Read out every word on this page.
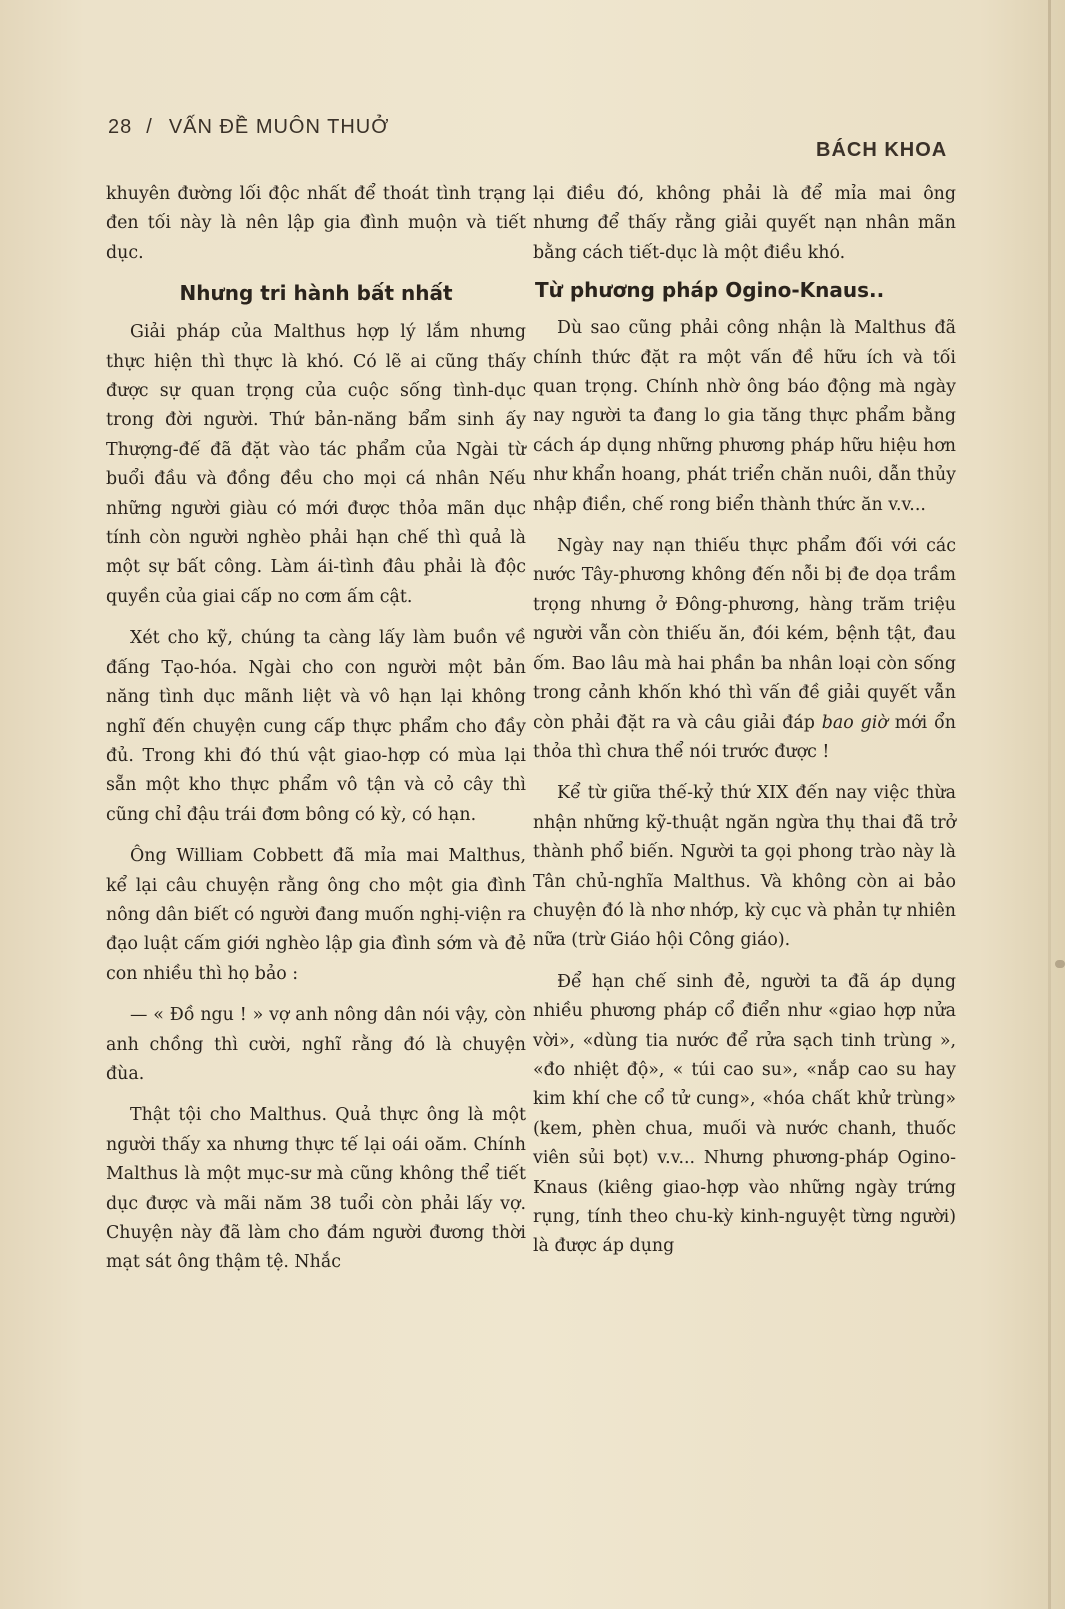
28 / VẤN ĐỀ MUÔN THUỞ
BÁCH KHOA

khuyên đường lối độc nhất để thoát tình trạng đen tối này là nên lập gia đình muộn và tiết dục.

Nhưng tri hành bất nhất

Giải pháp của Malthus hợp lý lắm nhưng thực hiện thì thực là khó. Có lẽ ai cũng thấy được sự quan trọng của cuộc sống tình-dục trong đời người. Thứ bản-năng bẩm sinh ấy Thượng-đế đã đặt vào tác phẩm của Ngài từ buổi đầu và đồng đều cho mọi cá nhân Nếu những người giàu có mới được thỏa mãn dục tính còn người nghèo phải hạn chế thì quả là một sự bất công. Làm ái-tình đâu phải là độc quyền của giai cấp no cơm ấm cật.

Xét cho kỹ, chúng ta càng lấy làm buồn về đấng Tạo-hóa. Ngài cho con người một bản năng tình dục mãnh liệt và vô hạn lại không nghĩ đến chuyện cung cấp thực phẩm cho đầy đủ. Trong khi đó thú vật giao-hợp có mùa lại sẵn một kho thực phẩm vô tận và cỏ cây thì cũng chỉ đậu trái đơm bông có kỳ, có hạn.

Ông William Cobbett đã mỉa mai Malthus, kể lại câu chuyện rằng ông cho một gia đình nông dân biết có người đang muốn nghị-viện ra đạo luật cấm giới nghèo lập gia đình sớm và đẻ con nhiều thì họ bảo :

— « Đồ ngu ! » vợ anh nông dân nói vậy, còn anh chồng thì cười, nghĩ rằng đó là chuyện đùa.

Thật tội cho Malthus. Quả thực ông là một người thấy xa nhưng thực tế lại oái oăm. Chính Malthus là một mục-sư mà cũng không thể tiết dục được và mãi năm 38 tuổi còn phải lấy vợ. Chuyện này đã làm cho đám người đương thời mạt sát ông thậm tệ. Nhắc

lại điều đó, không phải là để mỉa mai ông nhưng để thấy rằng giải quyết nạn nhân mãn bằng cách tiết-dục là một điều khó.

Từ phương pháp Ogino-Knaus..

Dù sao cũng phải công nhận là Malthus đã chính thức đặt ra một vấn đề hữu ích và tối quan trọng. Chính nhờ ông báo động mà ngày nay người ta đang lo gia tăng thực phẩm bằng cách áp dụng những phương pháp hữu hiệu hơn như khẩn hoang, phát triển chăn nuôi, dẫn thủy nhập điền, chế rong biển thành thức ăn v.v...

Ngày nay nạn thiếu thực phẩm đối với các nước Tây-phương không đến nỗi bị đe dọa trầm trọng nhưng ở Đông-phương, hàng trăm triệu người vẫn còn thiếu ăn, đói kém, bệnh tật, đau ốm. Bao lâu mà hai phần ba nhân loại còn sống trong cảnh khốn khó thì vấn đề giải quyết vẫn còn phải đặt ra và câu giải đáp bao giờ mới ổn thỏa thì chưa thể nói trước được !

Kể từ giữa thế-kỷ thứ XIX đến nay việc thừa nhận những kỹ-thuật ngăn ngừa thụ thai đã trở thành phổ biến. Người ta gọi phong trào này là Tân chủ-nghĩa Malthus. Và không còn ai bảo chuyện đó là nhơ nhớp, kỳ cục và phản tự nhiên nữa (trừ Giáo hội Công giáo).

Để hạn chế sinh đẻ, người ta đã áp dụng nhiều phương pháp cổ điển như «giao hợp nửa vời», «dùng tia nước để rửa sạch tinh trùng », «đo nhiệt độ», « túi cao su», «nắp cao su hay kim khí che cổ tử cung», «hóa chất khử trùng» (kem, phèn chua, muối và nước chanh, thuốc viên sủi bọt) v.v... Nhưng phương-pháp Ogino-Knaus (kiêng giao-hợp vào những ngày trứng rụng, tính theo chu-kỳ kinh-nguyệt từng người) là được áp dụng
